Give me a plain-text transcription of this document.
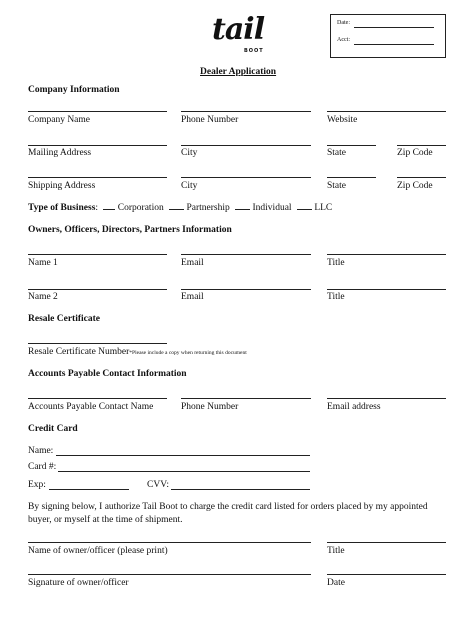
tail
BOOT
Date:
Acct:
Dealer Application
Company Information
Company Name	Phone Number	Website
Mailing Address	City	State	Zip Code
Shipping Address	City	State	Zip Code
Type of Business: Corporation Partnership Individual LLC
Owners, Officers, Directors, Partners Information
Name 1	Email	Title
Name 2	Email	Title
Resale Certificate
Resale Certificate Number*Please include a copy when returning this document
Accounts Payable Contact Information
Accounts Payable Contact Name	Phone Number	Email address
Credit Card
Name:
Card #:
Exp:	CVV:
By signing below, I authorize Tail Boot to charge the credit card listed for orders placed by my appointed
buyer, or myself at the time of shipment.
Name of owner/officer (please print)	Title
Signature of owner/officer	Date
